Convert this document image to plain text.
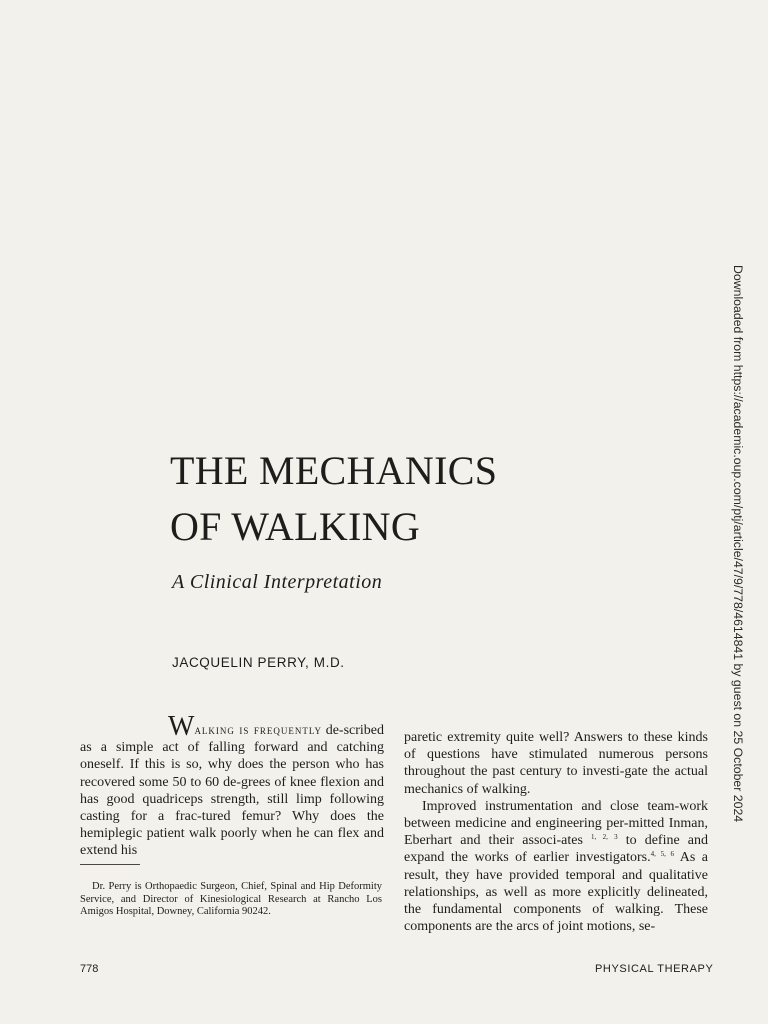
THE MECHANICS
OF WALKING
A Clinical Interpretation
JACQUELIN PERRY, M.D.

Walking is frequently de-scribed as a simple act of falling forward and catching oneself. If this is so, why does the person who has recovered some 50 to 60 de-grees of knee flexion and has good quadriceps strength, still limp following casting for a frac-tured femur? Why does the hemiplegic patient walk poorly when he can flex and extend his

paretic extremity quite well? Answers to these kinds of questions have stimulated numerous persons throughout the past century to investi-gate the actual mechanics of walking.

Improved instrumentation and close team-work between medicine and engineering per-mitted Inman, Eberhart and their associ-ates $^{1, 2, 3}$ to define and expand the works of earlier investigators.$^{4, 5, 6}$ As a result, they have provided temporal and qualitative relationships, as well as more explicitly delineated, the fundamental components of walking. These components are the arcs of joint motions, se-

Dr. Perry is Orthopaedic Surgeon, Chief, Spinal and Hip Deformity Service, and Director of Kinesiological Research at Rancho Los Amigos Hospital, Downey, California 90242.

778	PHYSICAL THERAPY
Downloaded from https://academic.oup.com/ptj/article/47/9/778/4614841 by guest on 25 October 2024
